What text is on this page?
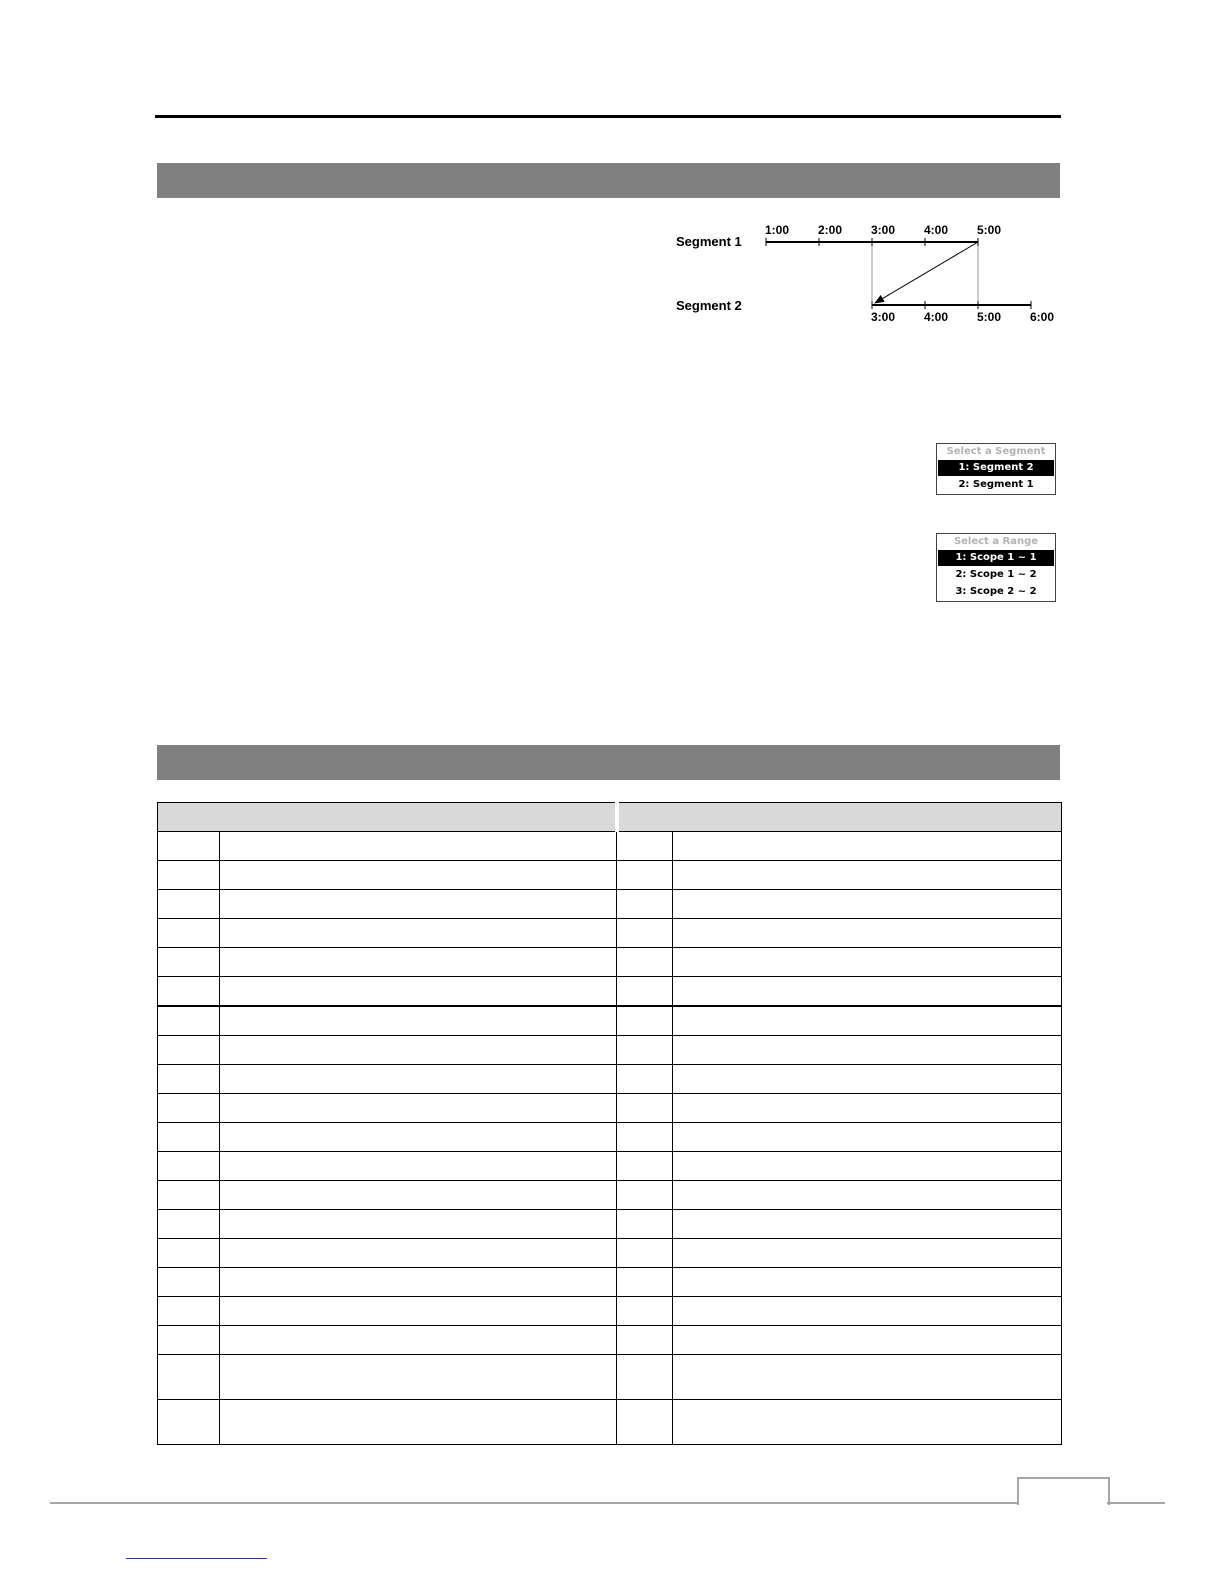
Segment 1
Segment 2
1:00 2:00 3:00 4:00 5:00
3:00 4:00 5:00 6:00
Select a Segment
1: Segment 2
2: Segment 1
Select a Range
1: Scope 1 ~ 1
2: Scope 1 ~ 2
3: Scope 2 ~ 2
